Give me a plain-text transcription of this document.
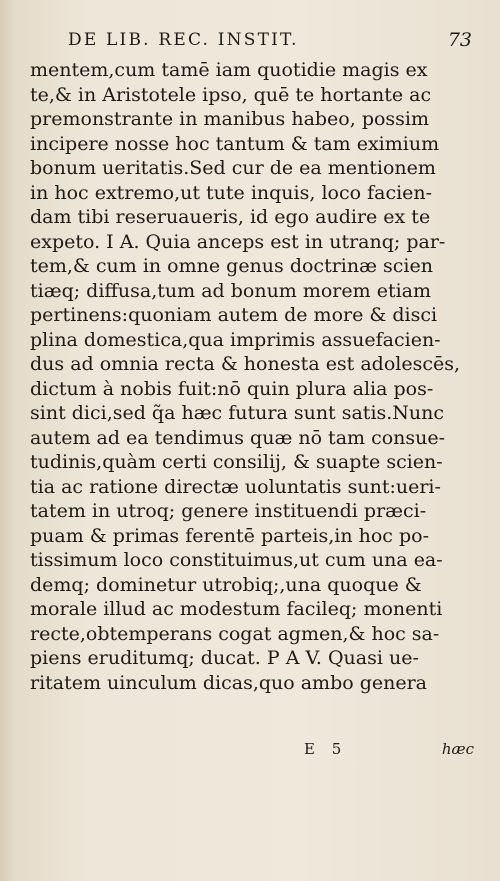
DE LIB. REC. INSTIT.	73
mentem,cum tamē iam quotidie magis ex
te,& in Aristotele ipso, quē te hortante ac
premonstrante in manibus habeo, possim
incipere nosse hoc tantum & tam eximium
bonum ueritatis.Sed cur de ea mentionem
in hoc extremo,ut tute inquis, loco facien-
dam tibi reseruaueris, id ego audire ex te
expeto. I A. Quia anceps est in utranq; par-
tem,& cum in omne genus doctrinæ scien
tiæq; diffusa,tum ad bonum morem etiam
pertinens:quoniam autem de more & disci
plina domestica,qua imprimis assuefacien-
dus ad omnia recta & honesta est adolescēs,
dictum à nobis fuit:nō quin plura alia pos-
sint dici,sed q̃a hæc futura sunt satis.Nunc
autem ad ea tendimus quæ nō tam consue-
tudinis,quàm certi consilij, & suapte scien-
tia ac ratione directæ uoluntatis sunt:ueri-
tatem in utroq; genere instituendi præci-
puam & primas ferentē parteis,in hoc po-
tissimum loco constituimus,ut cum una ea-
demq; dominetur utrobiq;,una quoque &
morale illud ac modestum facileq; monenti
recte,obtemperans cogat agmen,& hoc sa-
piens eruditumq; ducat. P A V. Quasi ue-
ritatem uinculum dicas,quo ambo genera
E 5	hæc
